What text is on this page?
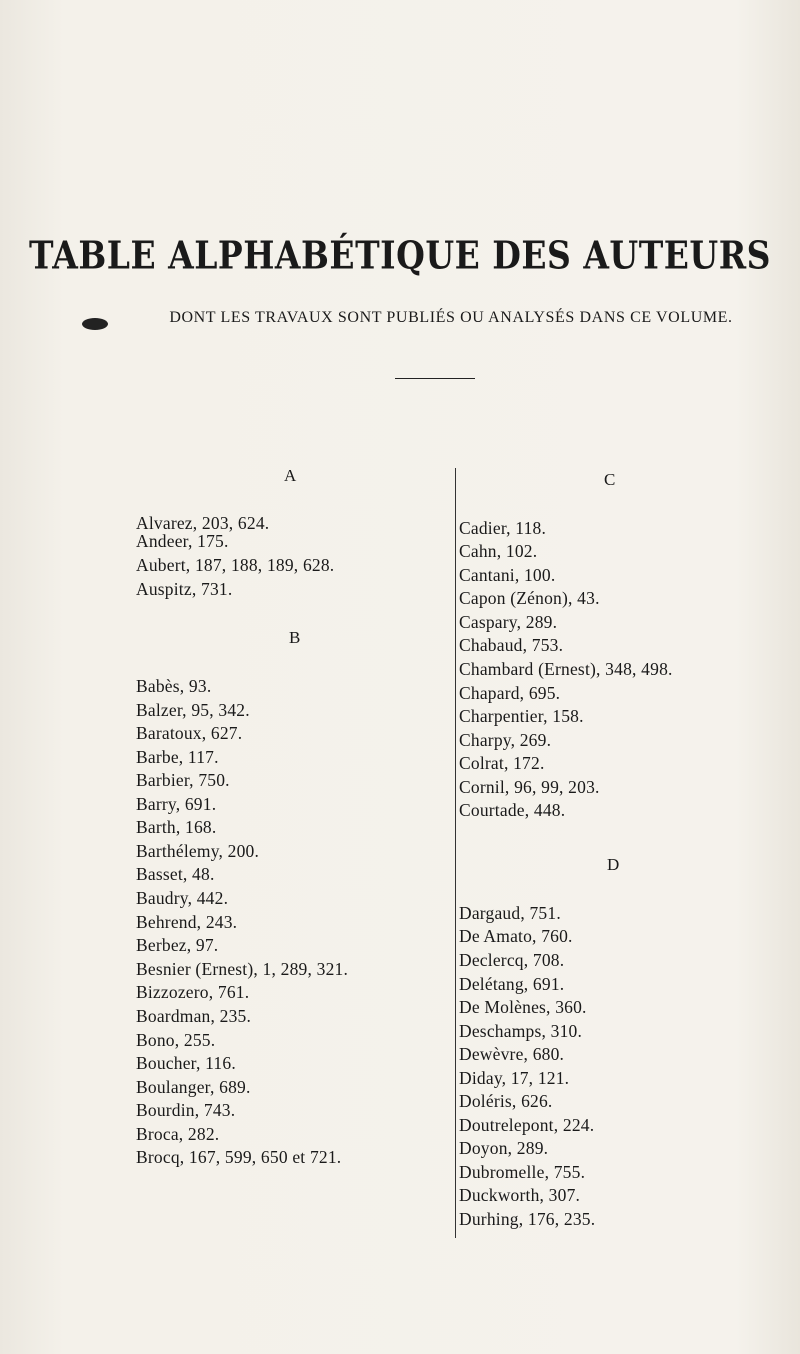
TABLE ALPHABÉTIQUE DES AUTEURS
DONT LES TRAVAUX SONT PUBLIÉS OU ANALYSÉS DANS CE VOLUME.
A
Alvarez, 203, 624.
Andeer, 175.
Aubert, 187, 188, 189, 628.
Auspitz, 731.
B
Babès, 93.
Balzer, 95, 342.
Baratoux, 627.
Barbe, 117.
Barbier, 750.
Barry, 691.
Barth, 168.
Barthélemy, 200.
Basset, 48.
Baudry, 442.
Behrend, 243.
Berbez, 97.
Besnier (Ernest), 1, 289, 321.
Bizzozero, 761.
Boardman, 235.
Bono, 255.
Boucher, 116.
Boulanger, 689.
Bourdin, 743.
Broca, 282.
Brocq, 167, 599, 650 et 721.
C
Cadier, 118.
Cahn, 102.
Cantani, 100.
Capon (Zénon), 43.
Caspary, 289.
Chabaud, 753.
Chambard (Ernest), 348, 498.
Chapard, 695.
Charpentier, 158.
Charpy, 269.
Colrat, 172.
Cornil, 96, 99, 203.
Courtade, 448.
D
Dargaud, 751.
De Amato, 760.
Declercq, 708.
Delétang, 691.
De Molènes, 360.
Deschamps, 310.
Dewèvre, 680.
Diday, 17, 121.
Doléris, 626.
Doutrelepont, 224.
Doyon, 289.
Dubromelle, 755.
Duckworth, 307.
Durhing, 176, 235.
